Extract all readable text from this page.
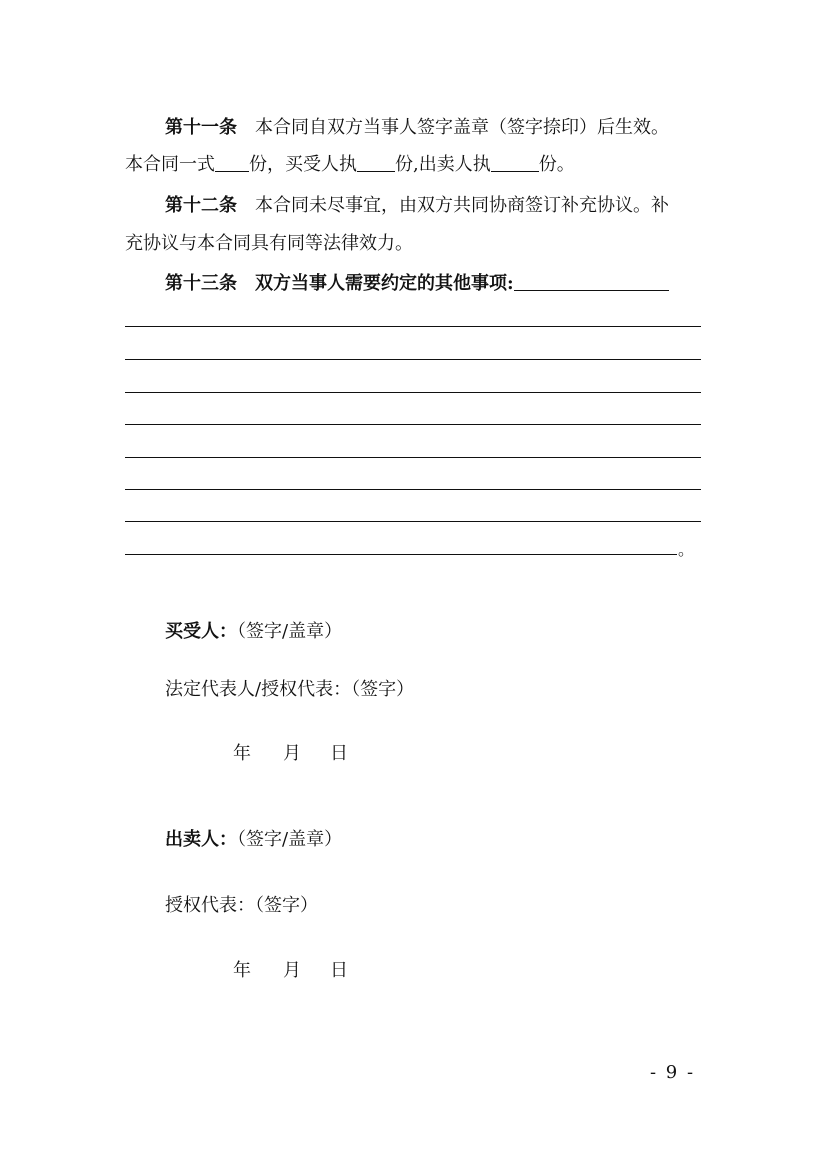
第十一条 本合同自双方当事人签字盖章（签字捺印）后生效。
本合同一式 份，买受人执 份,出卖人执	份。
第十二条 本合同未尽事宜，由双方共同协商签订补充协议。补
充协议与本合同具有同等法律效力。
第十三条 双方当事人需要约定的其他事项:
。
买受人：（签字/盖章）
法定代表人/授权代表：（签字）
年 月 日
出卖人：（签字/盖章）
授权代表：（签字）
年 月 日
- 9 -
